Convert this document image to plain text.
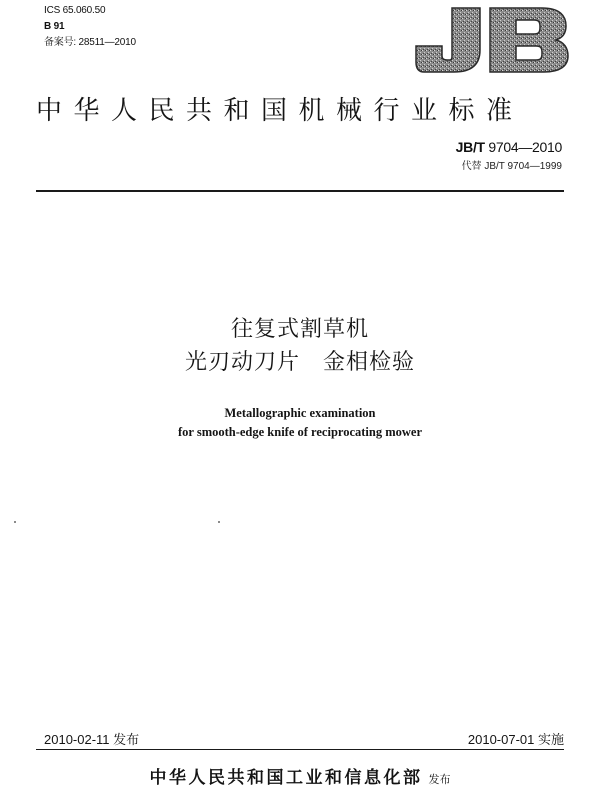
ICS 65.060.50
B 91
备案号: 28511—2010
中华人民共和国机械行业标准
JB/T 9704—2010
代替 JB/T 9704—1999
往复式割草机
光刃动刀片　金相检验
Metallographic examination
for smooth-edge knife of reciprocating mower
2010-02-11 发布	2010-07-01 实施
中华人民共和国工业和信息化部 发布
